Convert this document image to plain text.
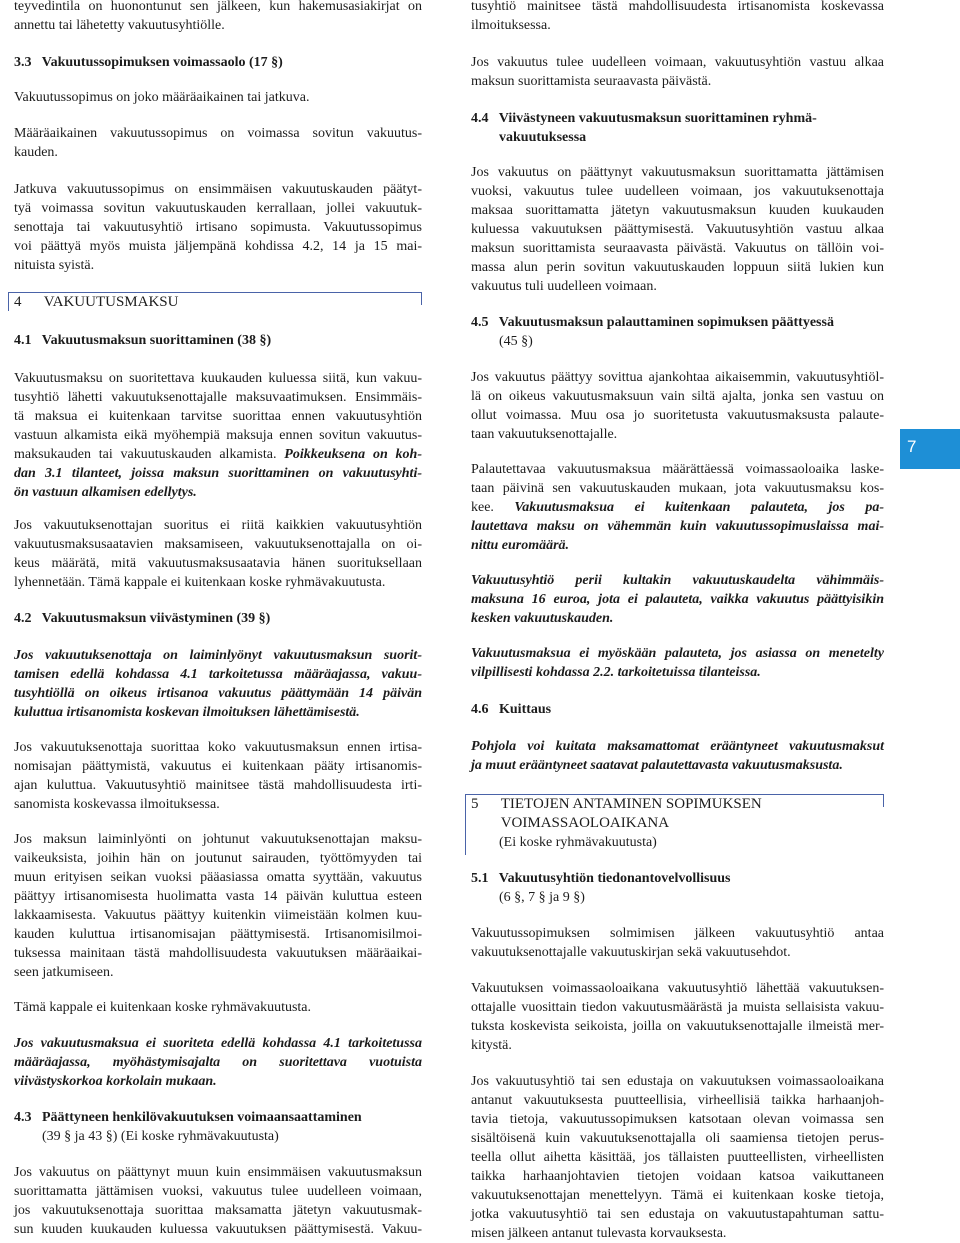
teyvedintila on huonontunut sen jälkeen, kun hakemusasiakirjat on
annettu tai lähetetty vakuutusyhtiölle.
3.3   Vakuutussopimuksen voimassaolo (17 §)
Vakuutussopimus on joko määräaikainen tai jatkuva.
Määräaikainen vakuutussopimus on voimassa sovitun vakuutus-
kauden.
Jatkuva vakuutussopimus on ensimmäisen vakuutuskauden päätyt-
tyä voimassa sovitun vakuutuskauden kerrallaan, jollei vakuutuk-
senottaja tai vakuutusyhtiö irtisano sopimusta. Vakuutussopimus
voi päättyä myös muista jäljempänä kohdissa 4.2, 14 ja 15 mai-
nituista syistä.
4      VAKUUTUSMAKSU
4.1   Vakuutusmaksun suorittaminen (38 §)
Vakuutusmaksu on suoritettava kuukauden kuluessa siitä, kun vakuu-
tusyhtiö lähetti vakuutuksenottajalle maksuvaatimuksen. Ensimmäis-
tä maksua ei kuitenkaan tarvitse suorittaa ennen vakuutusyhtiön
vastuun alkamista eikä myöhempiä maksuja ennen sovitun vakuutus-
maksukauden tai vakuutuskauden alkamista. Poikkeuksena on koh-
dan 3.1 tilanteet, joissa maksun suorittaminen on vakuutusyhti-
ön vastuun alkamisen edellytys.
Jos vakuutuksenottajan suoritus ei riitä kaikkien vakuutusyhtiön
vakuutusmaksusaatavien maksamiseen, vakuutuksenottajalla on oi-
keus määrätä, mitä vakuutusmaksusaatavia hänen suorituksellaan
lyhennetään. Tämä kappale ei kuitenkaan koske ryhmävakuutusta.
4.2   Vakuutusmaksun viivästyminen (39 §)
Jos vakuutuksenottaja on laiminlyönyt vakuutusmaksun suorit-
tamisen edellä kohdassa 4.1 tarkoitetussa määräajassa, vakuu-
tusyhtiöllä on oikeus irtisanoa vakuutus päättymään 14 päivän
kuluttua irtisanomista koskevan ilmoituksen lähettämisestä.
Jos vakuutuksenottaja suorittaa koko vakuutusmaksun ennen irtisa-
nomisajan päättymistä, vakuutus ei kuitenkaan pääty irtisanomis-
ajan kuluttua. Vakuutusyhtiö mainitsee tästä mahdollisuudesta irti-
sanomista koskevassa ilmoituksessa.
Jos maksun laiminlyönti on johtunut vakuutuksenottajan maksu-
vaikeuksista, joihin hän on joutunut sairauden, työttömyyden tai
muun erityisen seikan vuoksi pääasiassa omatta syyttään, vakuutus
päättyy irtisanomisesta huolimatta vasta 14 päivän kuluttua esteen
lakkaamisesta. Vakuutus päättyy kuitenkin viimeistään kolmen kuu-
kauden kuluttua irtisanomisajan päättymisestä. Irtisanomisilmoi-
tuksessa mainitaan tästä mahdollisuudesta vakuutuksen määräaikai-
seen jatkumiseen.
Tämä kappale ei kuitenkaan koske ryhmävakuutusta.
Jos vakuutusmaksua ei suoriteta edellä kohdassa 4.1 tarkoitetussa
määräajassa, myöhästymisajalta on suoritettava vuotuista
viivästyskorkoa korkolain mukaan.
4.3   Päättyneen henkilövakuutuksen voimaansaattaminen
(39 § ja 43 §) (Ei koske ryhmävakuutusta)
Jos vakuutus on päättynyt muun kuin ensimmäisen vakuutusmaksun
suorittamatta jättämisen vuoksi, vakuutus tulee uudelleen voimaan,
jos vakuutuksenottaja suorittaa maksamatta jätetyn vakuutusmak-
sun kuuden kuukauden kuluessa vakuutuksen päättymisestä. Vakuu-
tusyhtiö mainitsee tästä mahdollisuudesta irtisanomista koskevassa
ilmoituksessa.
Jos vakuutus tulee uudelleen voimaan, vakuutusyhtiön vastuu alkaa
maksun suorittamista seuraavasta päivästä.
4.4   Viivästyneen vakuutusmaksun suorittaminen ryhmä-
vakuutuksessa
Jos vakuutus on päättynyt vakuutusmaksun suorittamatta jättämisen
vuoksi, vakuutus tulee uudelleen voimaan, jos vakuutuksenottaja
maksaa suorittamatta jätetyn vakuutusmaksun kuuden kuukauden
kuluessa vakuutuksen päättymisestä. Vakuutusyhtiön vastuu alkaa
maksun suorittamista seuraavasta päivästä. Vakuutus on tällöin voi-
massa alun perin sovitun vakuutuskauden loppuun siitä lukien kun
vakuutus tuli uudelleen voimaan.
4.5   Vakuutusmaksun palauttaminen sopimuksen päättyessä
(45 §)
Jos vakuutus päättyy sovittua ajankohtaa aikaisemmin, vakuutusyhtiöl-
lä on oikeus vakuutusmaksuun vain siltä ajalta, jonka sen vastuu on
ollut voimassa. Muu osa jo suoritetusta vakuutusmaksusta palaute-
taan vakuutuksenottajalle.
Palautettavaa vakuutusmaksua määrättäessä voimassaoloaika laske-
taan päivinä sen vakuutuskauden mukaan, jota vakuutusmaksu kos-
kee. Vakuutusmaksua ei kuitenkaan palauteta, jos pa-
lautettava maksu on vähemmän kuin vakuutussopimuslaissa mai-
nittu euromäärä.
Vakuutusyhtiö perii kultakin vakuutuskaudelta vähimmäis-
maksuna 16 euroa, jota ei palauteta, vaikka vakuutus päättyisikin
kesken vakuutuskauden.
Vakuutusmaksua ei myöskään palauteta, jos asiassa on menetelty
vilpillisesti kohdassa 2.2. tarkoitetuissa tilanteissa.
4.6   Kuittaus
Pohjola voi kuitata maksamattomat erääntyneet vakuutusmaksut
ja muut erääntyneet saatavat palautettavasta vakuutusmaksusta.
5      TIETOJEN ANTAMINEN SOPIMUKSEN
VOIMASSAOLOAIKANA
(Ei koske ryhmävakuutusta)
5.1   Vakuutusyhtiön tiedonantovelvollisuus
(6 §, 7 § ja 9 §)
Vakuutussopimuksen solmimisen jälkeen vakuutusyhtiö antaa
vakuutuksenottajalle vakuutuskirjan sekä vakuutusehdot.
Vakuutuksen voimassaoloaikana vakuutusyhtiö lähettää vakuutuksen-
ottajalle vuosittain tiedon vakuutusmäärästä ja muista sellaisista vakuu-
tuksta koskevista seikoista, joilla on vakuutuksenottajalle ilmeistä mer-
kitystä.
Jos vakuutusyhtiö tai sen edustaja on vakuutuksen voimassaoloaikana
antanut vakuutuksesta puutteellisia, virheellisiä taikka harhaanjoh-
tavia tietoja, vakuutussopimuksen katsotaan olevan voimassa sen
sisältöisenä kuin vakuutuksenottajalla oli saamiensa tietojen perus-
teella ollut aihetta käsittää, jos tällaisten puutteellisten, virheellisten
taikka harhaanjohtavien tietojen voidaan katsoa vaikuttaneen
vakuutuksenottajan menettelyyn. Tämä ei kuitenkaan koske tietoja,
jotka vakuutusyhtiö tai sen edustaja on vakuutustapahtuman sattu-
misen jälkeen antanut tulevasta korvauksesta.
7
